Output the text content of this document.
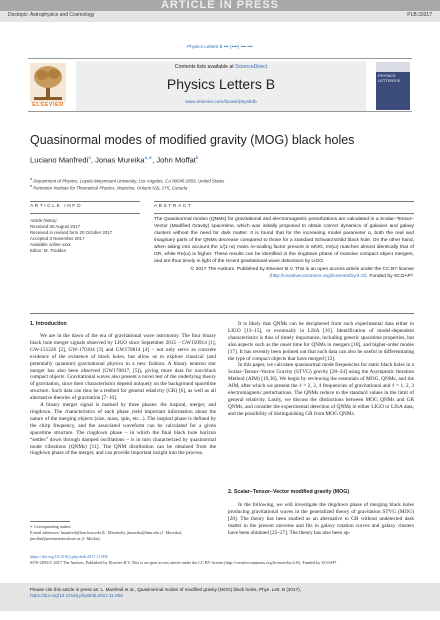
ARTICLE IN PRESS
Doctopic: Astrophysics and Cosmology	PLB:33317
Physics Letters B ••• (••••) •••–•••
ELSEVIER
Contents lists available at ScienceDirect
Physics Letters B
www.elsevier.com/locate/physletb
PHYSICS LETTERS B
Quasinormal modes of modified gravity (MOG) black holes
Luciano Manfredi$^a$, Jonas Mureika$^{a,∗}$, John Moffat$^b$
$^a$ Department of Physics, Loyola Marymount University, Los Angeles, CA 90045-2659, United States
$^b$ Perimeter Institute for Theoretical Physics, Waterloo, Ontario N2L 2Y5, Canada
ARTICLE INFO	ABSTRACT
Article history:
Received 30 August 2017
Received in revised form 20 October 2017
Accepted 3 November 2017
Available online xxxx
Editor: M. Trodden
The Quasinormal modes (QNMs) for gravitational and electromagnetic perturbations are calculated in a Scalar–Tensor–Vector (Modified Gravity) spacetime, which was initially proposed to obtain correct dynamics of galaxies and galaxy clusters without the need for dark matter. It is found that for the increasing model parameter α, both the real and imaginary parts of the QNMs decrease compared to those for a standard Schwarzschild black hole. On the other hand, when taking into account the 1/(1+α) mass re-scaling factor present in MOG, Im(ω) matches almost identically that of GR, while Re(ω) is higher. These results can be identified in the ringdown phase of massive compact object mergers, and are thus timely in light of the recent gravitational wave detections by LIGO.
© 2017 The Authors. Published by Elsevier B.V. This is an open access article under the CC BY license (http://creativecommons.org/licenses/by/4.0/). Funded by SCOAP³.
1. Introduction

We are in the dawn of the era of gravitational wave astronomy. The four binary black hole merger signals observed by LIGO since September 2015 – GW150914 [1], GW-151226 [2], GW-170104 [3] and GW170814 [4] – not only serve as concrete evidence of the existence of black holes, but allow us to explore classical (and potentially quantum) gravitational physics in a new fashion. A binary neutron star merger has also been observed (GW170817, [5]), giving more data for non-black compact objects. Gravitational waves also present a novel test of the underlying theory of gravitation, since their characteristics depend uniquely on the background spacetime structure. Such data can thus be a testbed for general relativity (GR) [6], as well as all alternative theories of gravitation [7–10].

A binary merger signal is marked by three phases: the inspiral, merger, and ringdown. The characteristics of each phase yield important information about the nature of the merging objects (size, mass, spin, etc...). The inspiral phase is defined by the chirp frequency, and the associated waveform can be calculated for a given spacetime structure. The ringdown phase – in which the final black hole horizon “settles” down through damped oscillations – is in turn characterized by quasinormal mode vibrations (QNMs) [11]. The QNM distribution can be obtained from the ringdown phase of the merger, and can provide important insight into the process.

It is likely that QNMs can be deciphered from such experimental data either in LIGO [13–15], or eventually in LISA [16]. Identification of model-dependent characteristics is thus of timely importance, including generic spacetime properties, but also aspects such as the onset time for QNMs in mergers [18], and higher-order modes [17]. It has recently been pointed out that such data can also be useful in differentiating the type of compact objects that have merged [12].

In this paper, we calculate quasinormal mode frequencies for static black holes in a Scalar–Tensor–Vector Gravity (STVG) gravity [20–24] using the Asymptotic Iteration Method (AIM) [19,36]. We begin by reviewing the essentials of MOG, QNMs, and the AIM, after which we present the ℓ = 2, 3, 4 frequencies of gravitational and ℓ = 1, 2, 3 electromagnetic perturbations. The QNMs reduce to the standard values in the limit of general relativity. Lastly, we discuss the distinctions between MOG QNMs and GR QNMs, and consider the experimental detection of QNMs in either LIGO or LISA data, and the possibility of distinguishing GR from MOG QNMs.

2. Scalar–Tensor–Vector modified gravity (MOG)

In the following, we will investigate the ringdown phase of merging black holes producing gravitational waves in the generalized theory of gravitation STVG (MOG) [20]. The theory has been studied as an alternative to GR without undetected dark matter in the present universe and fits to galaxy rotation curves and galaxy clusters have been obtained [25–27]. The theory has also been ap-

∗ Corresponding author.
E-mail addresses: lmanfred@lion.lmu.edu (L. Manfredi), jmureika@lmu.edu (J. Mureika), jmoffat@perimeterinstitute.ca (J. Moffat).
https://doi.org/10.1016/j.physletb.2017.11.006
0370-2693/© 2017 The Authors. Published by Elsevier B.V. This is an open access article under the CC BY license (http://creativecommons.org/licenses/by/4.0/). Funded by SCOAP³.
Please cite this article in press as: L. Manfredi et al., Quasinormal modes of modified gravity (MOG) black holes, Phys. Lett. B (2017),
https://doi.org/10.1016/j.physletb.2017.11.006
